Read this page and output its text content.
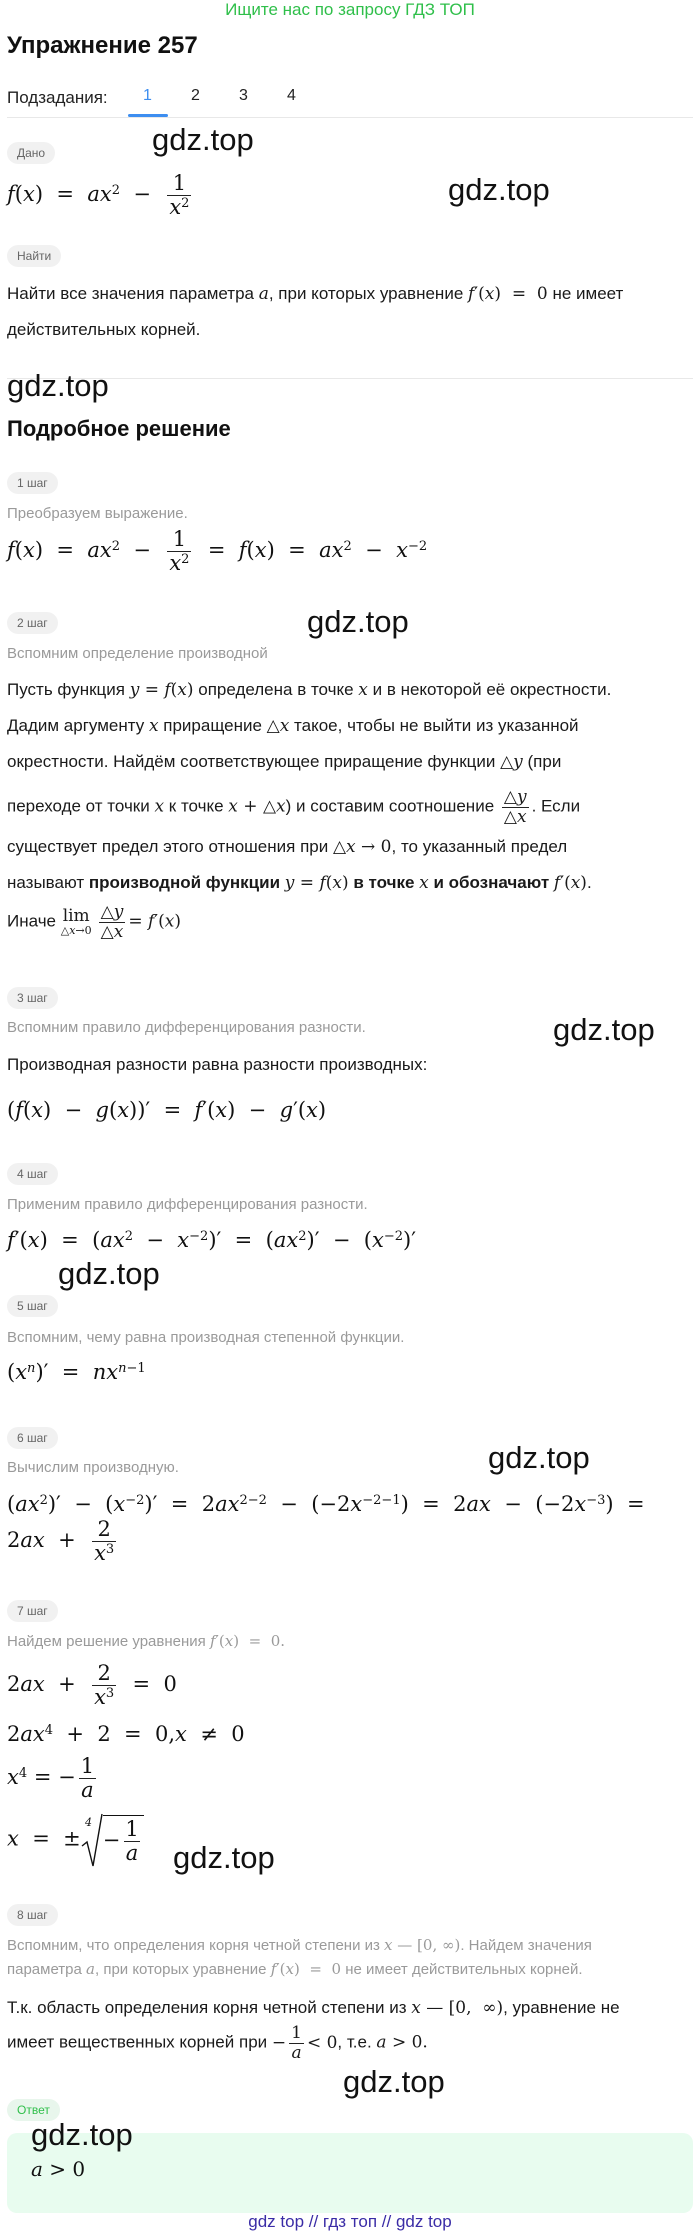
Ищите нас по запросу ГДЗ ТОП
Упражнение 257
Подзадания: 1 2 3 4
Дано
$f(x) = ax^2 - \frac{1}{x^2}$
Найти
Найти все значения параметра a, при которых уравнение f′(x)  =  0 не имеет
действительных корней.
Подробное решение
1 шаг
Преобразуем выражение.
$f(x) = ax^2 - \frac{1}{x^2} = f(x) = ax^2 - x^{-2}$
2 шаг
Вспомним определение производной
Пусть функция y = f(x) определена в точке x и в некоторой её окрестности.
Дадим аргументу x приращение △x такое, чтобы не выйти из указанной
окрестности. Найдём соответствующее приращение функции △y (при
переходе от точки x к точке x + △x) и составим соотношение $\frac{\triangle y}{\triangle x}$ . Если
существует предел этого отношения при △x → 0, то указанный предел
называют производной функции y = f(x) в точке x и обозначают f′(x).
Иначе lim
△x→0 $\frac{\triangle y}{\triangle x} = f'(x)$
3 шаг
Вспомним правило дифференцирования разности.
Производная разности равна разности производных:
(f(x)  −  g(x))′  =  f′(x)  −  g′(x)
4 шаг
Применим правило дифференцирования разности.
$f'(x) = (ax^2 - x^{-2})' = (ax^2)' - (x^{-2})'$
5 шаг
Вспомним, чему равна производная степенной функции.
$(x^n)' = nx^{n-1}$
6 шаг
Вычислим производную.
$(ax^2)' - (x^{-2})' = 2ax^{2-2} - (-2x^{-2-1}) = 2ax - (-2x^{-3})$  =
$2ax + \frac{2}{x^3}$
7 шаг
Найдем решение уравнения f′(x)  =  0.
$2ax + \frac{2}{x^3} = 0$
$2ax^4 + 2 = 0,x \ne 0$
$x^4$ = − $\frac{1}{a}$
x  =  ±
4
− $\frac{1}{a}$
8 шаг
Вспомним, что определения корня четной степени из x — [0, ∞). Найдем значения
параметра a, при которых уравнение f′(x)  =  0 не имеет действительных корней.
Т.к. область определения корня четной степени из x — [0,  ∞), уравнение не
имеет вещественных корней при − $\frac{1}{a} < 0$, т.е. a > 0.
Ответ
a > 0
gdz.top
gdz.top
gdz.top
gdz.top
gdz.top
gdz.top
gdz.top
gdz.top
gdz.top
gdz.top
gdz top // гдз топ // gdz top
